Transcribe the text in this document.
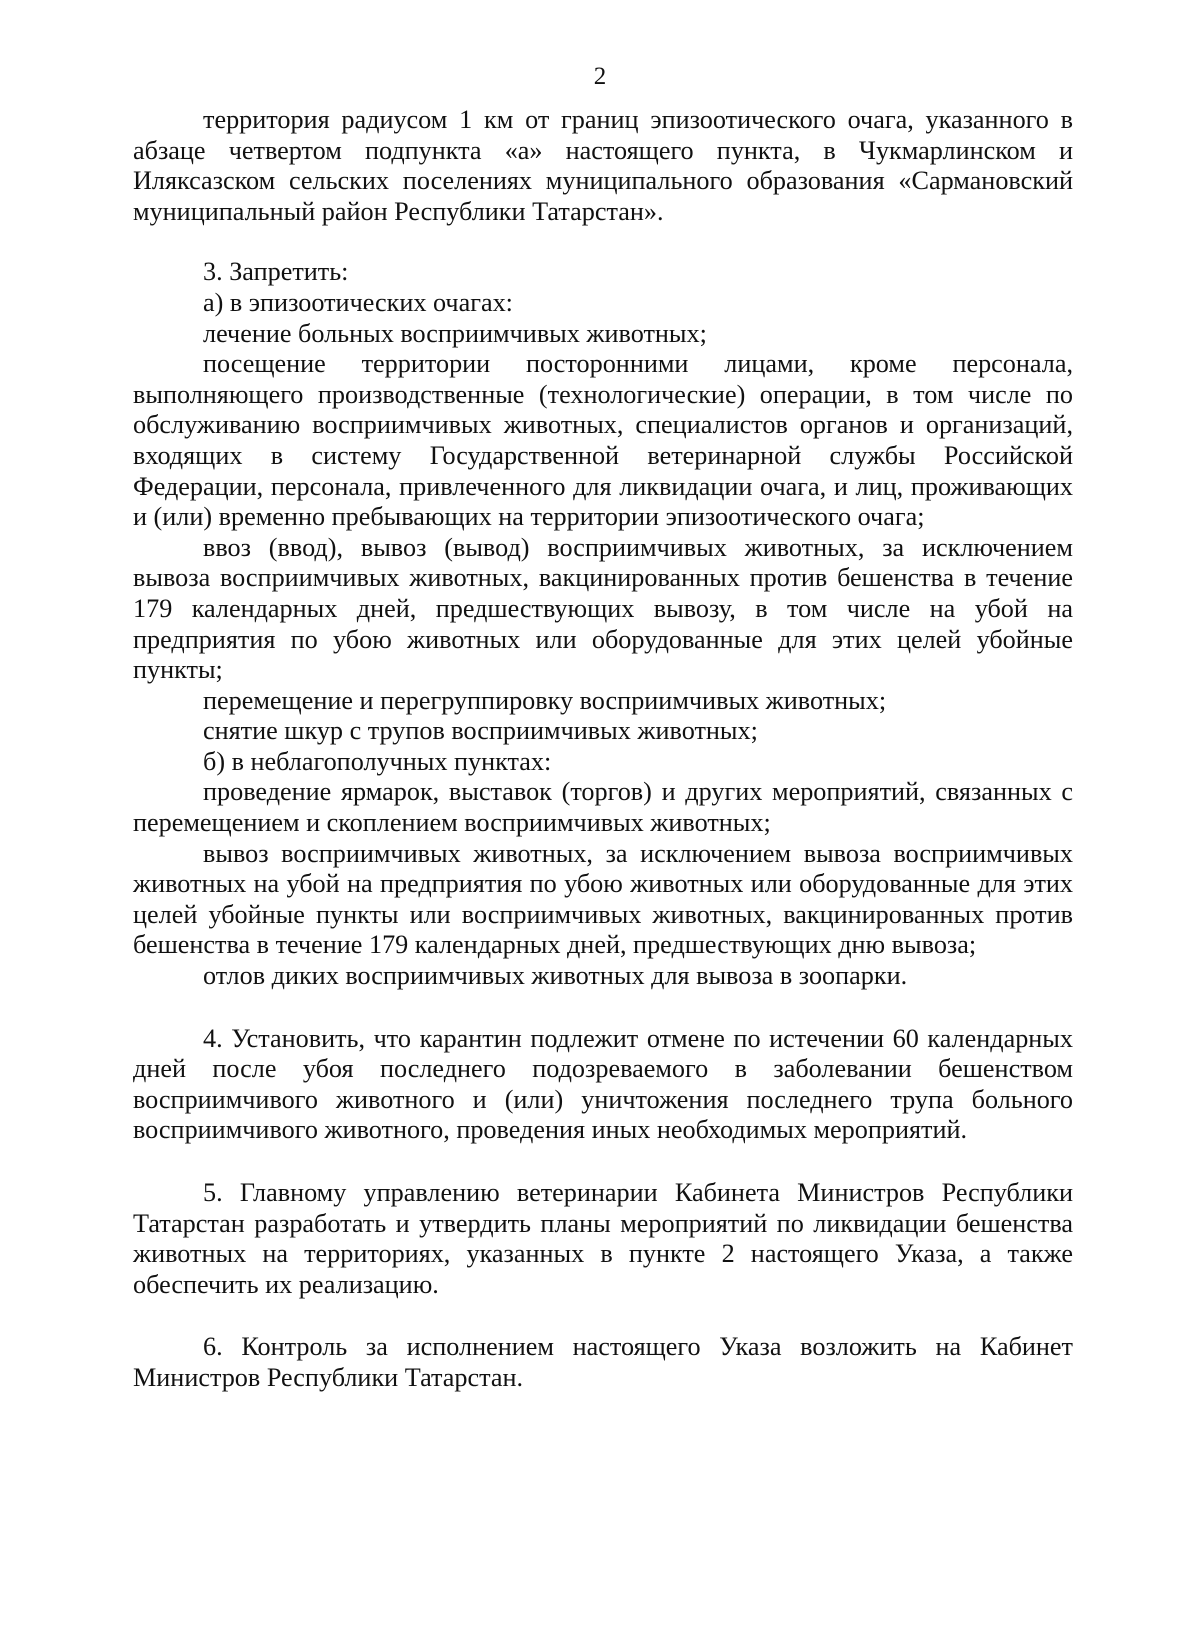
2

территория радиусом 1 км от границ эпизоотического очага, указанного в абзаце четвертом подпункта «а» настоящего пункта, в Чукмарлинском и Иляксазском сельских поселениях муниципального образования «Сармановский муниципальный район Республики Татарстан».

3. Запретить:

а) в эпизоотических очагах:

лечение больных восприимчивых животных;

посещение территории посторонними лицами, кроме персонала, выполняющего производственные (технологические) операции, в том числе по обслуживанию восприимчивых животных, специалистов органов и организаций, входящих в систему Государственной ветеринарной службы Российской Федерации, персонала, привлеченного для ликвидации очага, и лиц, проживающих и (или) временно пребывающих на территории эпизоотического очага;

ввоз (ввод), вывоз (вывод) восприимчивых животных, за исключением вывоза восприимчивых животных, вакцинированных против бешенства в течение 179 календарных дней, предшествующих вывозу, в том числе на убой на предприятия по убою животных или оборудованные для этих целей убойные пункты;

перемещение и перегруппировку восприимчивых животных;

снятие шкур с трупов восприимчивых животных;

б) в неблагополучных пунктах:

проведение ярмарок, выставок (торгов) и других мероприятий, связанных с перемещением и скоплением восприимчивых животных;

вывоз восприимчивых животных, за исключением вывоза восприимчивых животных на убой на предприятия по убою животных или оборудованные для этих целей убойные пункты или восприимчивых животных, вакцинированных против бешенства в течение 179 календарных дней, предшествующих дню вывоза;

отлов диких восприимчивых животных для вывоза в зоопарки.

4. Установить, что карантин подлежит отмене по истечении 60 календарных дней после убоя последнего подозреваемого в заболевании бешенством восприимчивого животного и (или) уничтожения последнего трупа больного восприимчивого животного, проведения иных необходимых мероприятий.

5. Главному управлению ветеринарии Кабинета Министров Республики Татарстан разработать и утвердить планы мероприятий по ликвидации бешенства животных на территориях, указанных в пункте 2 настоящего Указа, а также обеспечить их реализацию.

6. Контроль за исполнением настоящего Указа возложить на Кабинет Министров Республики Татарстан.
